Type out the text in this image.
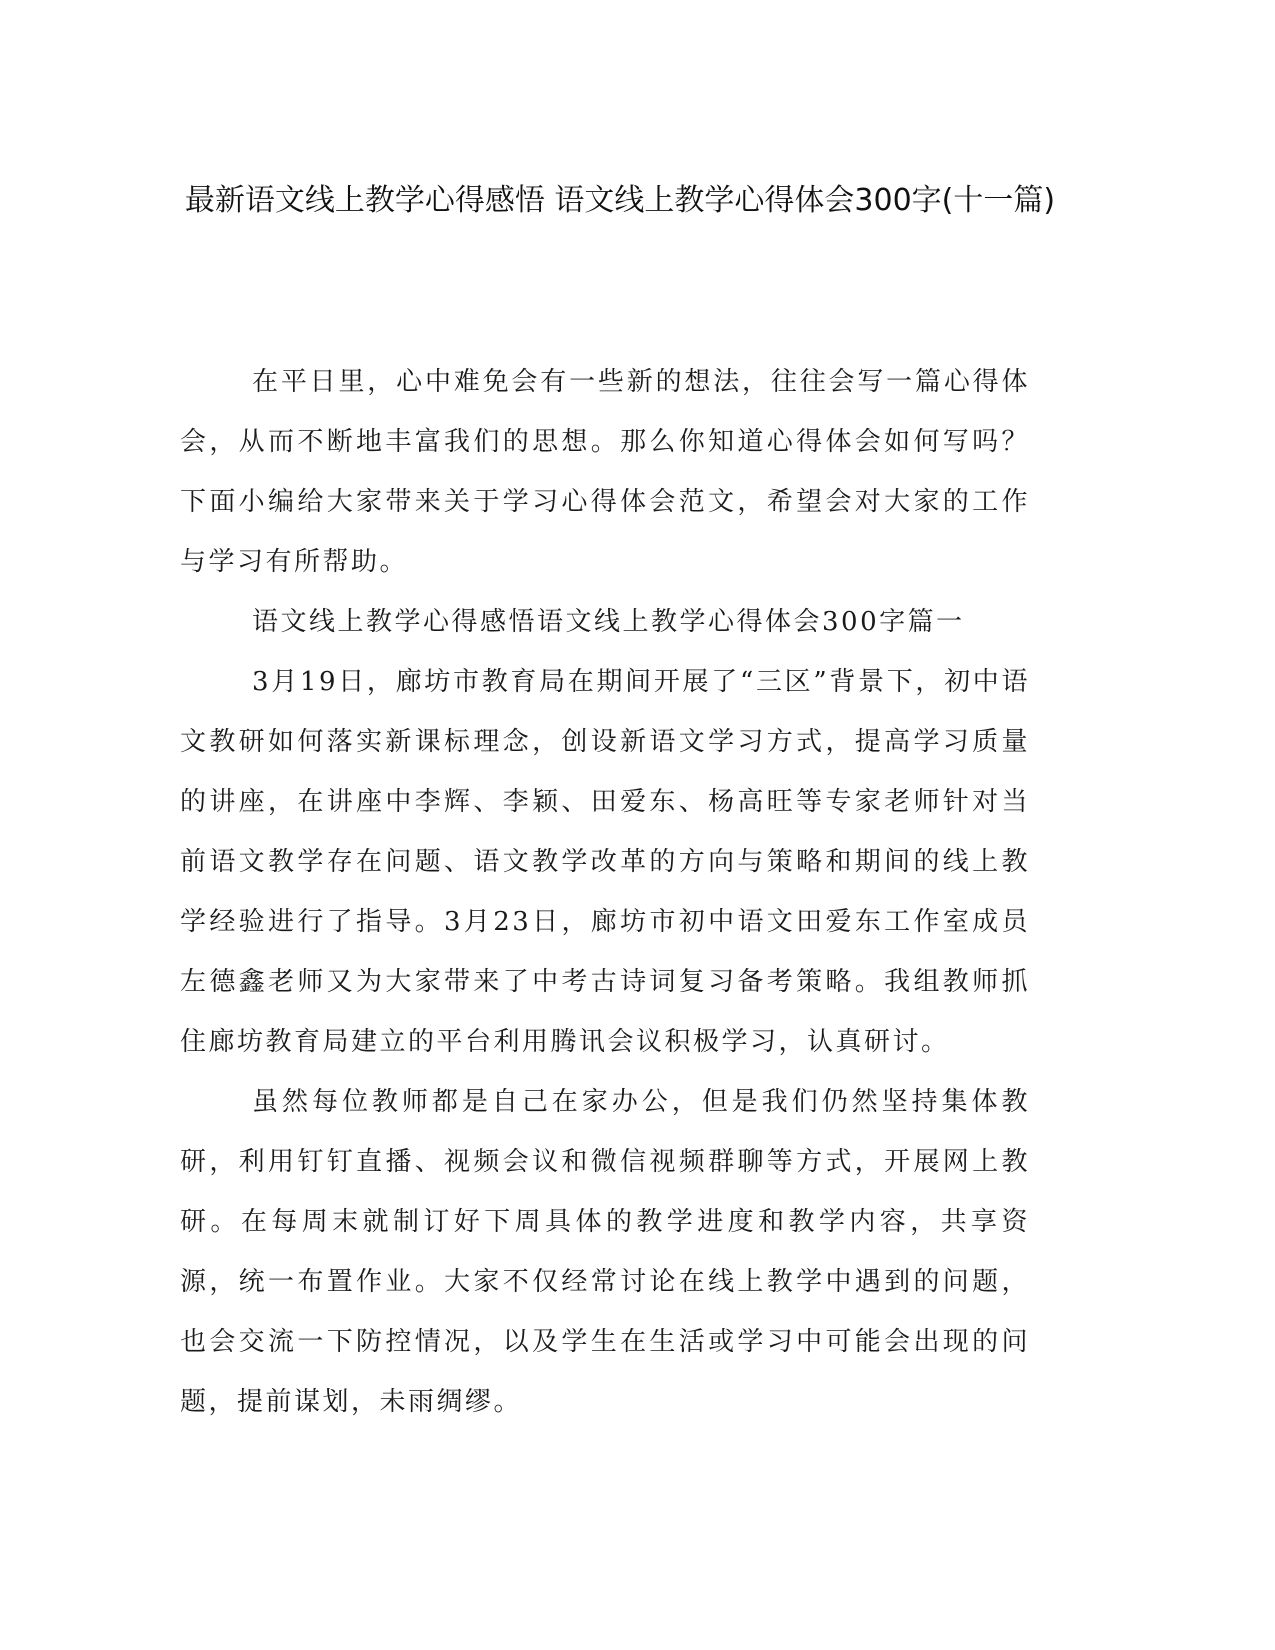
最新语文线上教学心得感悟 语文线上教学心得体会300字(十一篇)

在平日里，心中难免会有一些新的想法，往往会写一篇心得体会，从而不断地丰富我们的思想。那么你知道心得体会如何写吗？下面小编给大家带来关于学习心得体会范文，希望会对大家的工作与学习有所帮助。

语文线上教学心得感悟语文线上教学心得体会300字篇一

3月19日，廊坊市教育局在期间开展了“三区”背景下，初中语文教研如何落实新课标理念，创设新语文学习方式，提高学习质量的讲座，在讲座中李辉、李颖、田爱东、杨高旺等专家老师针对当前语文教学存在问题、语文教学改革的方向与策略和期间的线上教学经验进行了指导。3月23日，廊坊市初中语文田爱东工作室成员左德鑫老师又为大家带来了中考古诗词复习备考策略。我组教师抓住廊坊教育局建立的平台利用腾讯会议积极学习，认真研讨。

虽然每位教师都是自己在家办公，但是我们仍然坚持集体教研，利用钉钉直播、视频会议和微信视频群聊等方式，开展网上教研。在每周末就制订好下周具体的教学进度和教学内容，共享资源，统一布置作业。大家不仅经常讨论在线上教学中遇到的问题，也会交流一下防控情况，以及学生在生活或学习中可能会出现的问题，提前谋划，未雨绸缪。
